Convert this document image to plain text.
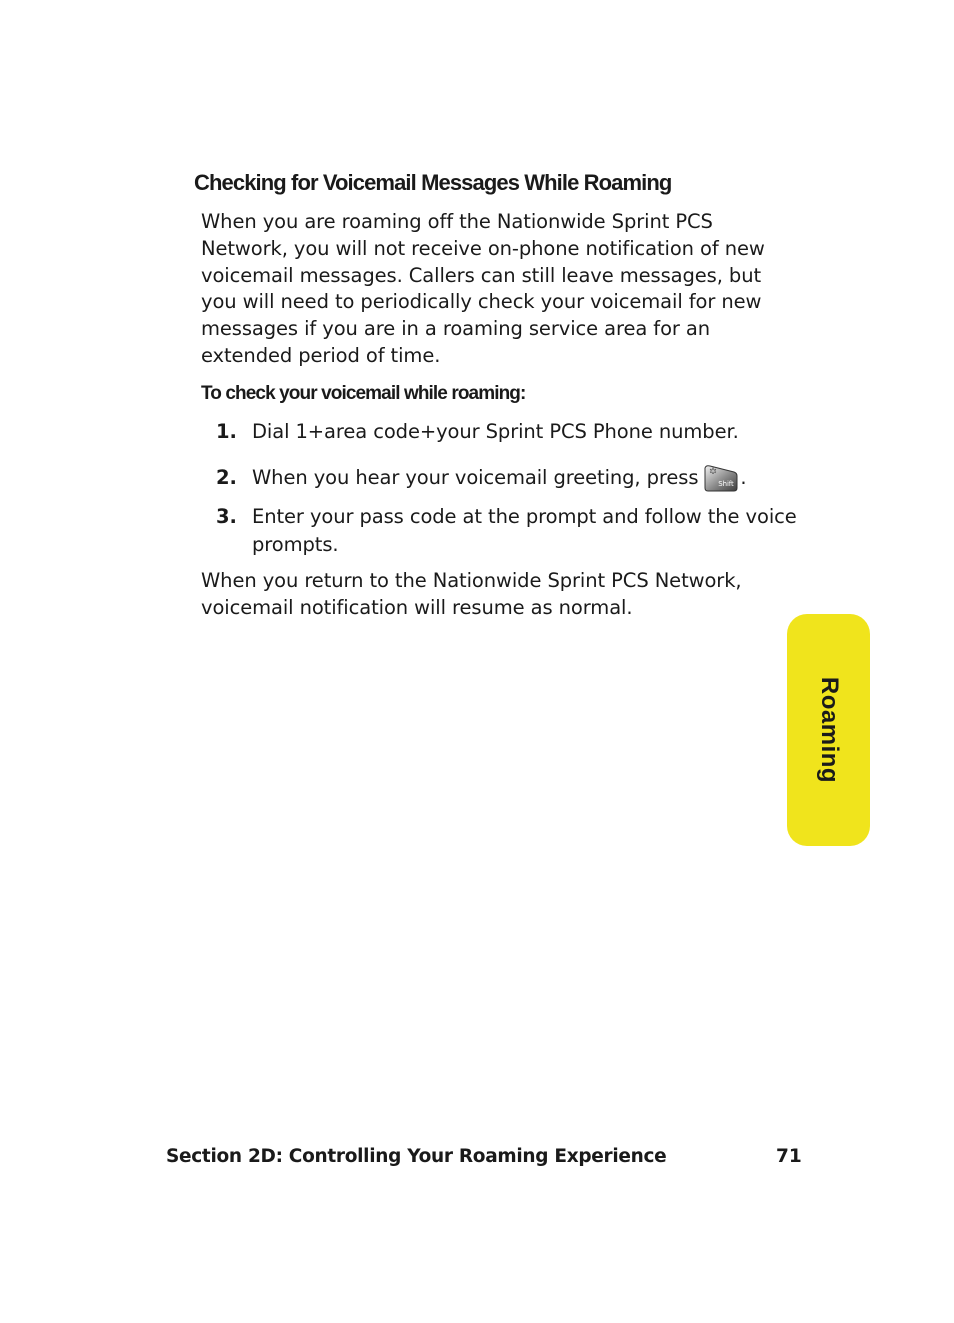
Checking for Voicemail Messages While Roaming

When you are roaming off the Nationwide Sprint PCS Network, you will not receive on-phone notification of new voicemail messages. Callers can still leave messages, but you will need to periodically check your voicemail for new messages if you are in a roaming service area for an extended period of time.

To check your voicemail while roaming:
1. Dial 1+area code+your Sprint PCS Phone number.
2. When you hear your voicemail greeting, press *
Shift .
3. Enter your pass code at the prompt and follow the voice prompts.

When you return to the Nationwide Sprint PCS Network, voicemail notification will resume as normal.

Roaming
Section 2D: Controlling Your Roaming Experience	71
